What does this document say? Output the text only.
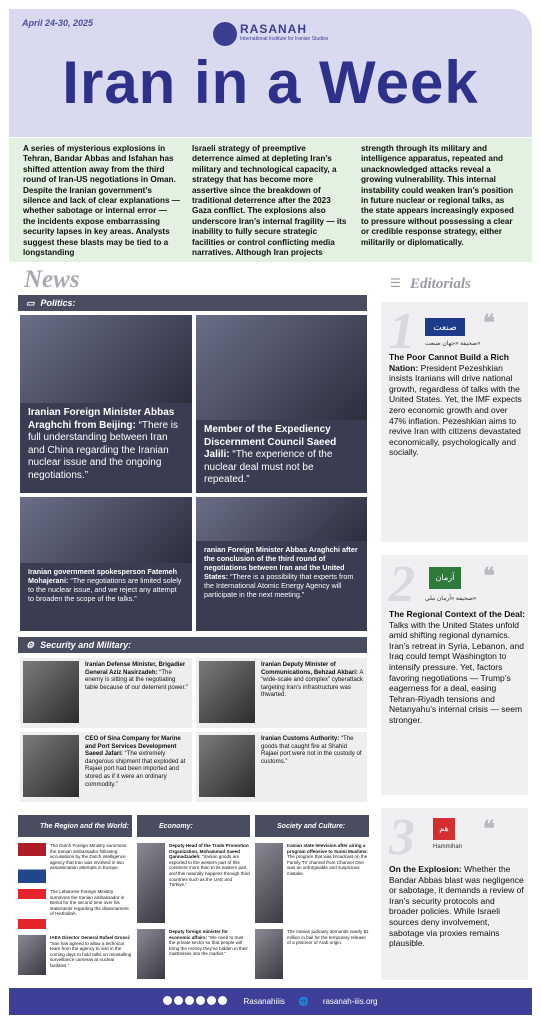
April 24-30, 2025	RASANAH
International Institute for Iranian Studies
Iran in a Week

A series of mysterious explosions in Tehran, Bandar Abbas and Isfahan has shifted attention away from the third round of Iran-US negotiations in Oman. Despite the Iranian government’s silence and lack of clear explanations — whether sabotage or internal error — the incidents expose embarrassing security lapses in key areas. Analysts suggest these blasts may be tied to a longstanding

Israeli strategy of preemptive deterrence aimed at depleting Iran’s military and technological capacity, a strategy that has become more assertive since the breakdown of traditional deterrence after the 2023 Gaza conflict. The explosions also underscore Iran’s internal fragility — its inability to fully secure strategic facilities or control conflicting media narratives. Although Iran projects

strength through its military and intelligence apparatus, repeated and unacknowledged attacks reveal a growing vulnerability. This internal instability could weaken Iran’s position in future nuclear or regional talks, as the state appears increasingly exposed to pressure without possessing a clear or credible response strategy, either militarily or diplomatically.

News	☰ Editorials
▭ Politics:
Iranian Foreign Minister Abbas Araghchi from Beijing: “There is full understanding between Iran and China regarding the Iranian nuclear issue and the ongoing negotiations.”
Member of the Expediency Discernment Council Saeed Jalili: “The experience of the nuclear deal must not be repeated.”
Iranian government spokesperson Fatemeh Mohajerani: “The negotiations are limited solely to the nuclear issue, and we reject any attempt to broaden the scope of the talks.”
ranian Foreign Minister Abbas Araghchi after the conclusion of the third round of negotiations between Iran and the United States: “There is a possibility that experts from the International Atomic Energy Agency will participate in the next meeting.”
⚙ Security and Military:
Iranian Defense Minister, Brigadier General Aziz Nasirzadeh: “The enemy is sitting at the negotiating table because of our deterrent power.”
Iranian Deputy Minister of Communications, Behzad Akbari: A “wide-scale and complex” cyberattack targeting Iran’s infrastructure was thwarted.
CEO of Sina Company for Marine and Port Services Development Saeed Jafari: “The extremely dangerous shipment that exploded at Rajaei port had been imported and stored as if it were an ordinary commodity.”
Iranian Customs Authority: “The goods that caught fire at Shahid Rajaei port were not in the custody of customs.”
The Region and the World:
The Dutch Foreign Ministry summons the Iranian ambassador following accusations by the Dutch intelligence agency that Iran was involved in two assassination attempts in Europe.
The Lebanese Foreign Ministry summons the Iranian ambassador in Beirut for the second time over his statements regarding the disarmament of Hezbollah.
IAEA Director General Rafael Grossi: “Iran has agreed to allow a technical team from the agency to visit in the coming days to hold talks on reinstalling surveillance cameras at nuclear facilities.”
Economy:
Deputy Head of the Trade Promotion Organization, Mohammad Saeed Qannadzadeh: “Iranian goods are exported to the western part of this continent more than to its eastern part, and this naturally happens through third countries such as the UAE and Türkiye.”
Deputy foreign minister for economic affairs: “We need to trust the private sector so that people will bring the money they’ve hidden in their mattresses into the market.”
Society and Culture:
Iranian state television after airing a program offensive to Sunni Muslims: The program that was broadcast on the Family TV channel from Channel One was an unforgivable and suspicious mistake.
The Iranian judiciary demands nearly $1 million in bail for the temporary release of a prisoner of Arab origin.
1	صنعت
صحيفة «جهان صنعت»
❝
The Poor Cannot Build a Rich Nation: President Pezeshkian insists Iranians will drive national growth, regardless of talks with the United States. Yet, the IMF expects zero economic growth and over 47% inflation. Pezeshkian aims to revive Iran with citizens devastated economically, psychologically and socially.
2	آرمان
صحيفة «آرمان ملي»
❝
The Regional Context of the Deal: Talks with the United States unfold amid shifting regional dynamics. Iran’s retreat in Syria, Lebanon, and Iraq could tempt Washington to intensify pressure. Yet, factors favoring negotiations — Trump’s eagerness for a deal, easing Tehran-Riyadh tensions and Netanyahu’s internal crisis — seem stronger.
3	هم
Hammihan
❝
On the Explosion: Whether the Bandar Abbas blast was negligence or sabotage, it demands a review of Iran’s security protocols and broader policies. While Israeli sources deny involvement, sabotage via proxies remains plausible.
Rasanahiiis 🌐 rasanah-iiis.org
